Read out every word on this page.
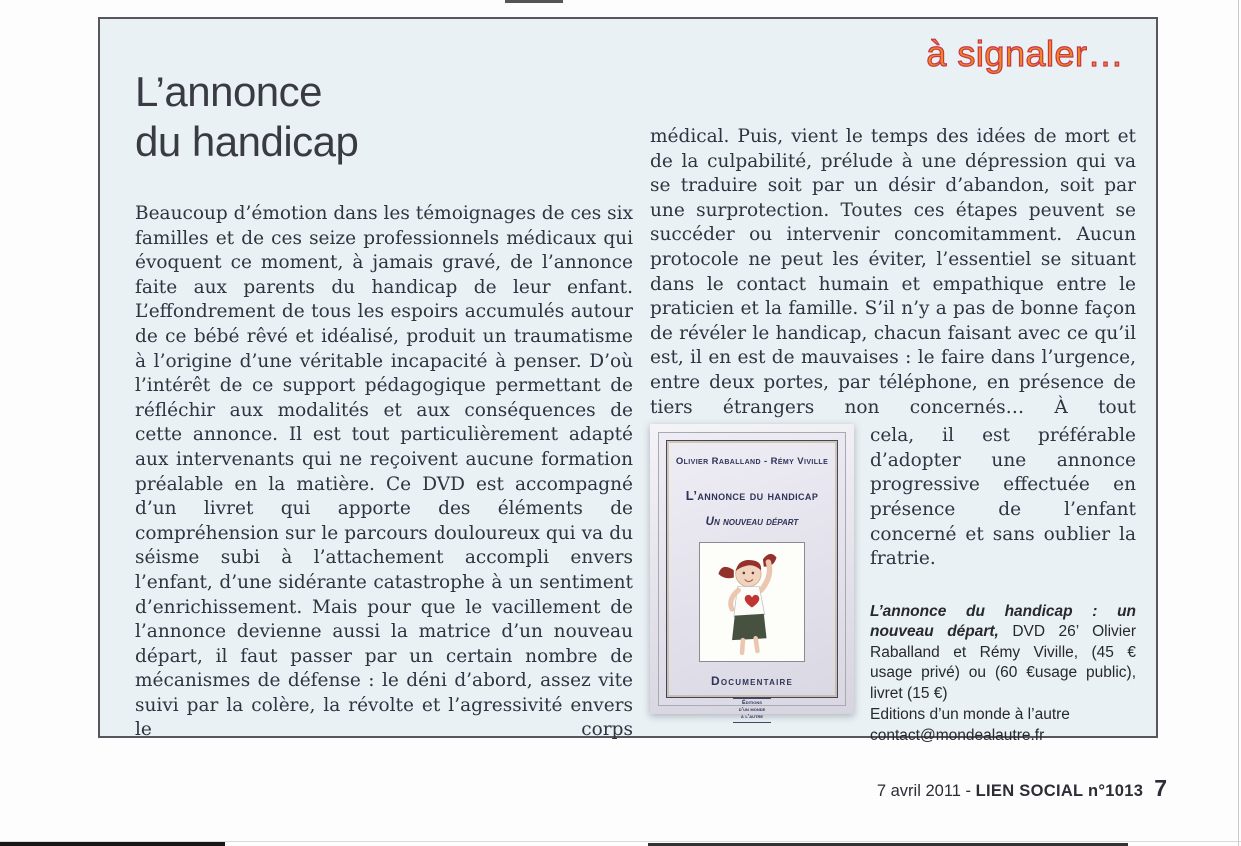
à signaler…
L’annonce
du handicap
Beaucoup d’émotion dans les témoignages de ces six familles et de ces seize professionnels médicaux qui évoquent ce moment, à jamais gravé, de l’annonce faite aux parents du handicap de leur enfant. L’effondrement de tous les espoirs accumulés autour de ce bébé rêvé et idéalisé, produit un traumatisme à l’origine d’une véritable incapacité à penser. D’où l’intérêt de ce support pédagogique permettant de réfléchir aux modalités et aux conséquences de cette annonce. Il est tout particulièrement adapté aux intervenants qui ne reçoivent aucune formation préalable en la matière. Ce DVD est accompagné d’un livret qui apporte des éléments de compréhension sur le parcours douloureux qui va du séisme subi à l’attachement accompli envers l’enfant, d’une sidérante catastrophe à un sentiment d’enrichissement. Mais pour que le vacillement de l’annonce devienne aussi la matrice d’un nouveau départ, il faut passer par un certain nombre de mécanismes de défense : le déni d’abord, assez vite suivi par la colère, la révolte et l’agressivité envers le corps

médical. Puis, vient le temps des idées de mort et de la culpabilité, prélude à une dépression qui va se traduire soit par un désir d’abandon, soit par une surprotection. Toutes ces étapes peuvent se succéder ou intervenir concomitamment. Aucun protocole ne peut les éviter, l’essentiel se situant dans le contact humain et empathique entre le praticien et la famille. S’il n’y a pas de bonne façon de révéler le handicap, chacun faisant avec ce qu’il est, il en est de mauvaises : le faire dans l’urgence, entre deux portes, par téléphone, en présence de tiers étrangers non concernés… À tout

Olivier Raballand - Rémy Viville
L’annonce du handicap
Un nouveau départ
Documentaire
Éditions
d’un monde
à l’autre

cela, il est préférable d’adopter une annonce progressive effectuée en présence de l’enfant concerné et sans oublier la fratrie.

L’annonce du handicap : un nouveau départ, DVD 26’ Olivier Raballand et Rémy Viville, (45 € usage privé) ou (60 €usage public), livret (15 €)

Editions d’un monde à l’autre

contact@mondealautre.fr

7 avril 2011 - LIEN SOCIAL n°1013 7
